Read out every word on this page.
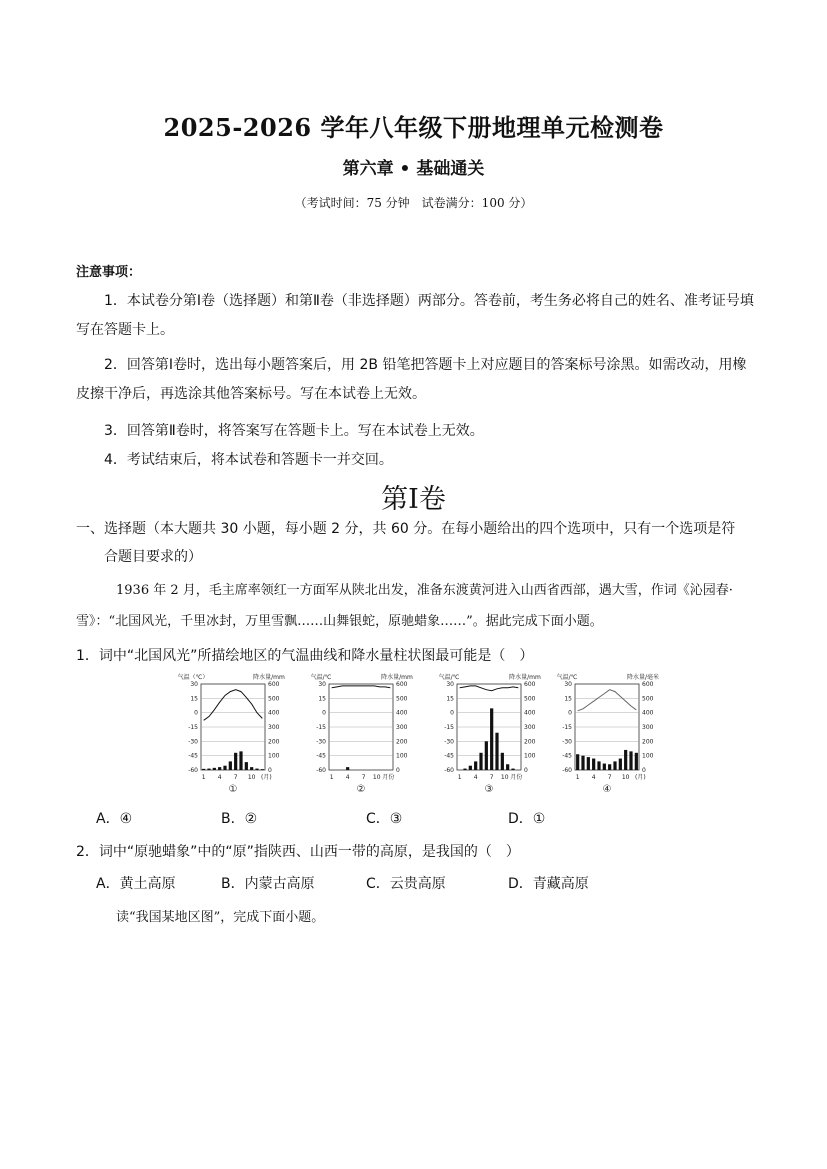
2025-2026 学年八年级下册地理单元检测卷
第六章 • 基础通关
（考试时间：75 分钟　试卷满分：100 分）
注意事项：
1．本试卷分第Ⅰ卷（选择题）和第Ⅱ卷（非选择题）两部分。答卷前，考生务必将自己的姓名、准考证号填写在答题卡上。
2．回答第Ⅰ卷时，选出每小题答案后，用 2B 铅笔把答题卡上对应题目的答案标号涂黑。如需改动，用橡皮擦干净后，再选涂其他答案标号。写在本试卷上无效。
3．回答第Ⅱ卷时，将答案写在答题卡上。写在本试卷上无效。
4．考试结束后，将本试卷和答题卡一并交回。
第Ⅰ卷
一、选择题（本大题共 30 小题，每小题 2 分，共 60 分。在每小题给出的四个选项中，只有一个选项是符
合题目要求的）
1936 年 2 月，毛主席率领红一方面军从陕北出发，准备东渡黄河进入山西省西部，遇大雪，作词《沁园春·雪》：“北国风光，千里冰封，万里雪飘……山舞银蛇，原驰蜡象……”。据此完成下面小题。
1．词中“北国风光”所描绘地区的气温曲线和降水量柱状图最可能是（　）
气温（℃）	降水量/mm
30
15
0
-15
-30
-45
-60
600
500
400
300
200
100
0
1 4 7 10 (月)
①
气温/℃	降水量/mm
30
15
0
-15
-30
-45
-60
600
500
400
300
200
100
0
1 4 7 10 月份
②
气温/℃	降水量/mm
30
15
0
-15
-30
-45
-60
600
500
400
300
200
100
0
1 4 7 10 月份
③
气温/℃	降水量/毫米
30
15
0
-15
-30
-45
-60
600
500
400
300
200
100
0
1 4 7 10 (月)
④
A．④	B．②	C．③	D．①
2．词中“原驰蜡象”中的“原”指陕西、山西一带的高原，是我国的（　）
A．黄土高原	B．内蒙古高原	C．云贵高原	D．青藏高原
读“我国某地区图”，完成下面小题。
